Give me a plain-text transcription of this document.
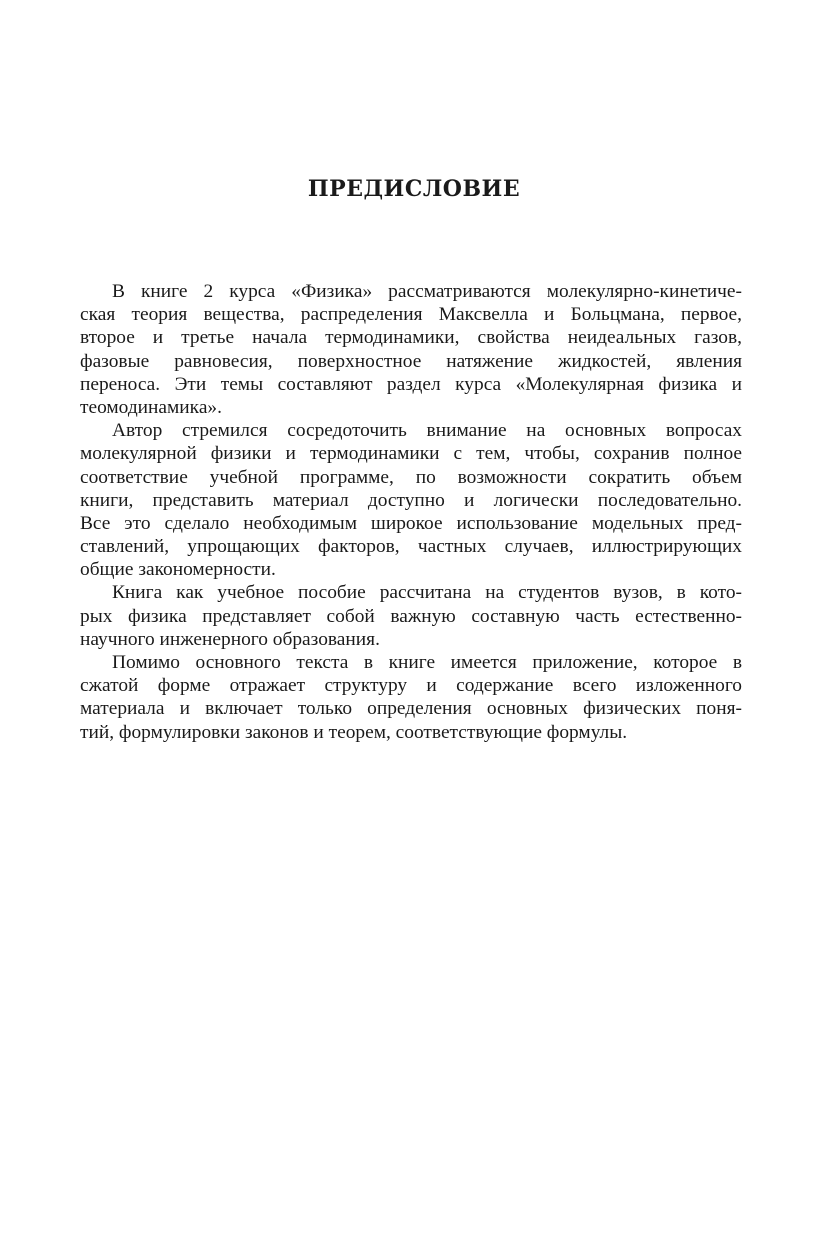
ПРЕДИСЛОВИЕ
В книге 2 курса «Физика» рассматриваются молекулярно-кинетиче-
ская теория вещества, распределения Максвелла и Больцмана, первое,
второе и третье начала термодинамики, свойства неидеальных газов,
фазовые равновесия, поверхностное натяжение жидкостей, явления
переноса. Эти темы составляют раздел курса «Молекулярная физика и
теомодинамика».
Автор стремился сосредоточить внимание на основных вопросах
молекулярной физики и термодинамики с тем, чтобы, сохранив полное
соответствие учебной программе, по возможности сократить объем
книги, представить материал доступно и логически последовательно.
Все это сделало необходимым широкое использование модельных пред-
ставлений, упрощающих факторов, частных случаев, иллюстрирующих
общие закономерности.
Книга как учебное пособие рассчитана на студентов вузов, в кото-
рых физика представляет собой важную составную часть естественно-
научного инженерного образования.
Помимо основного текста в книге имеется приложение, которое в
сжатой форме отражает структуру и содержание всего изложенного
материала и включает только определения основных физических поня-
тий, формулировки законов и теорем, соответствующие формулы.
